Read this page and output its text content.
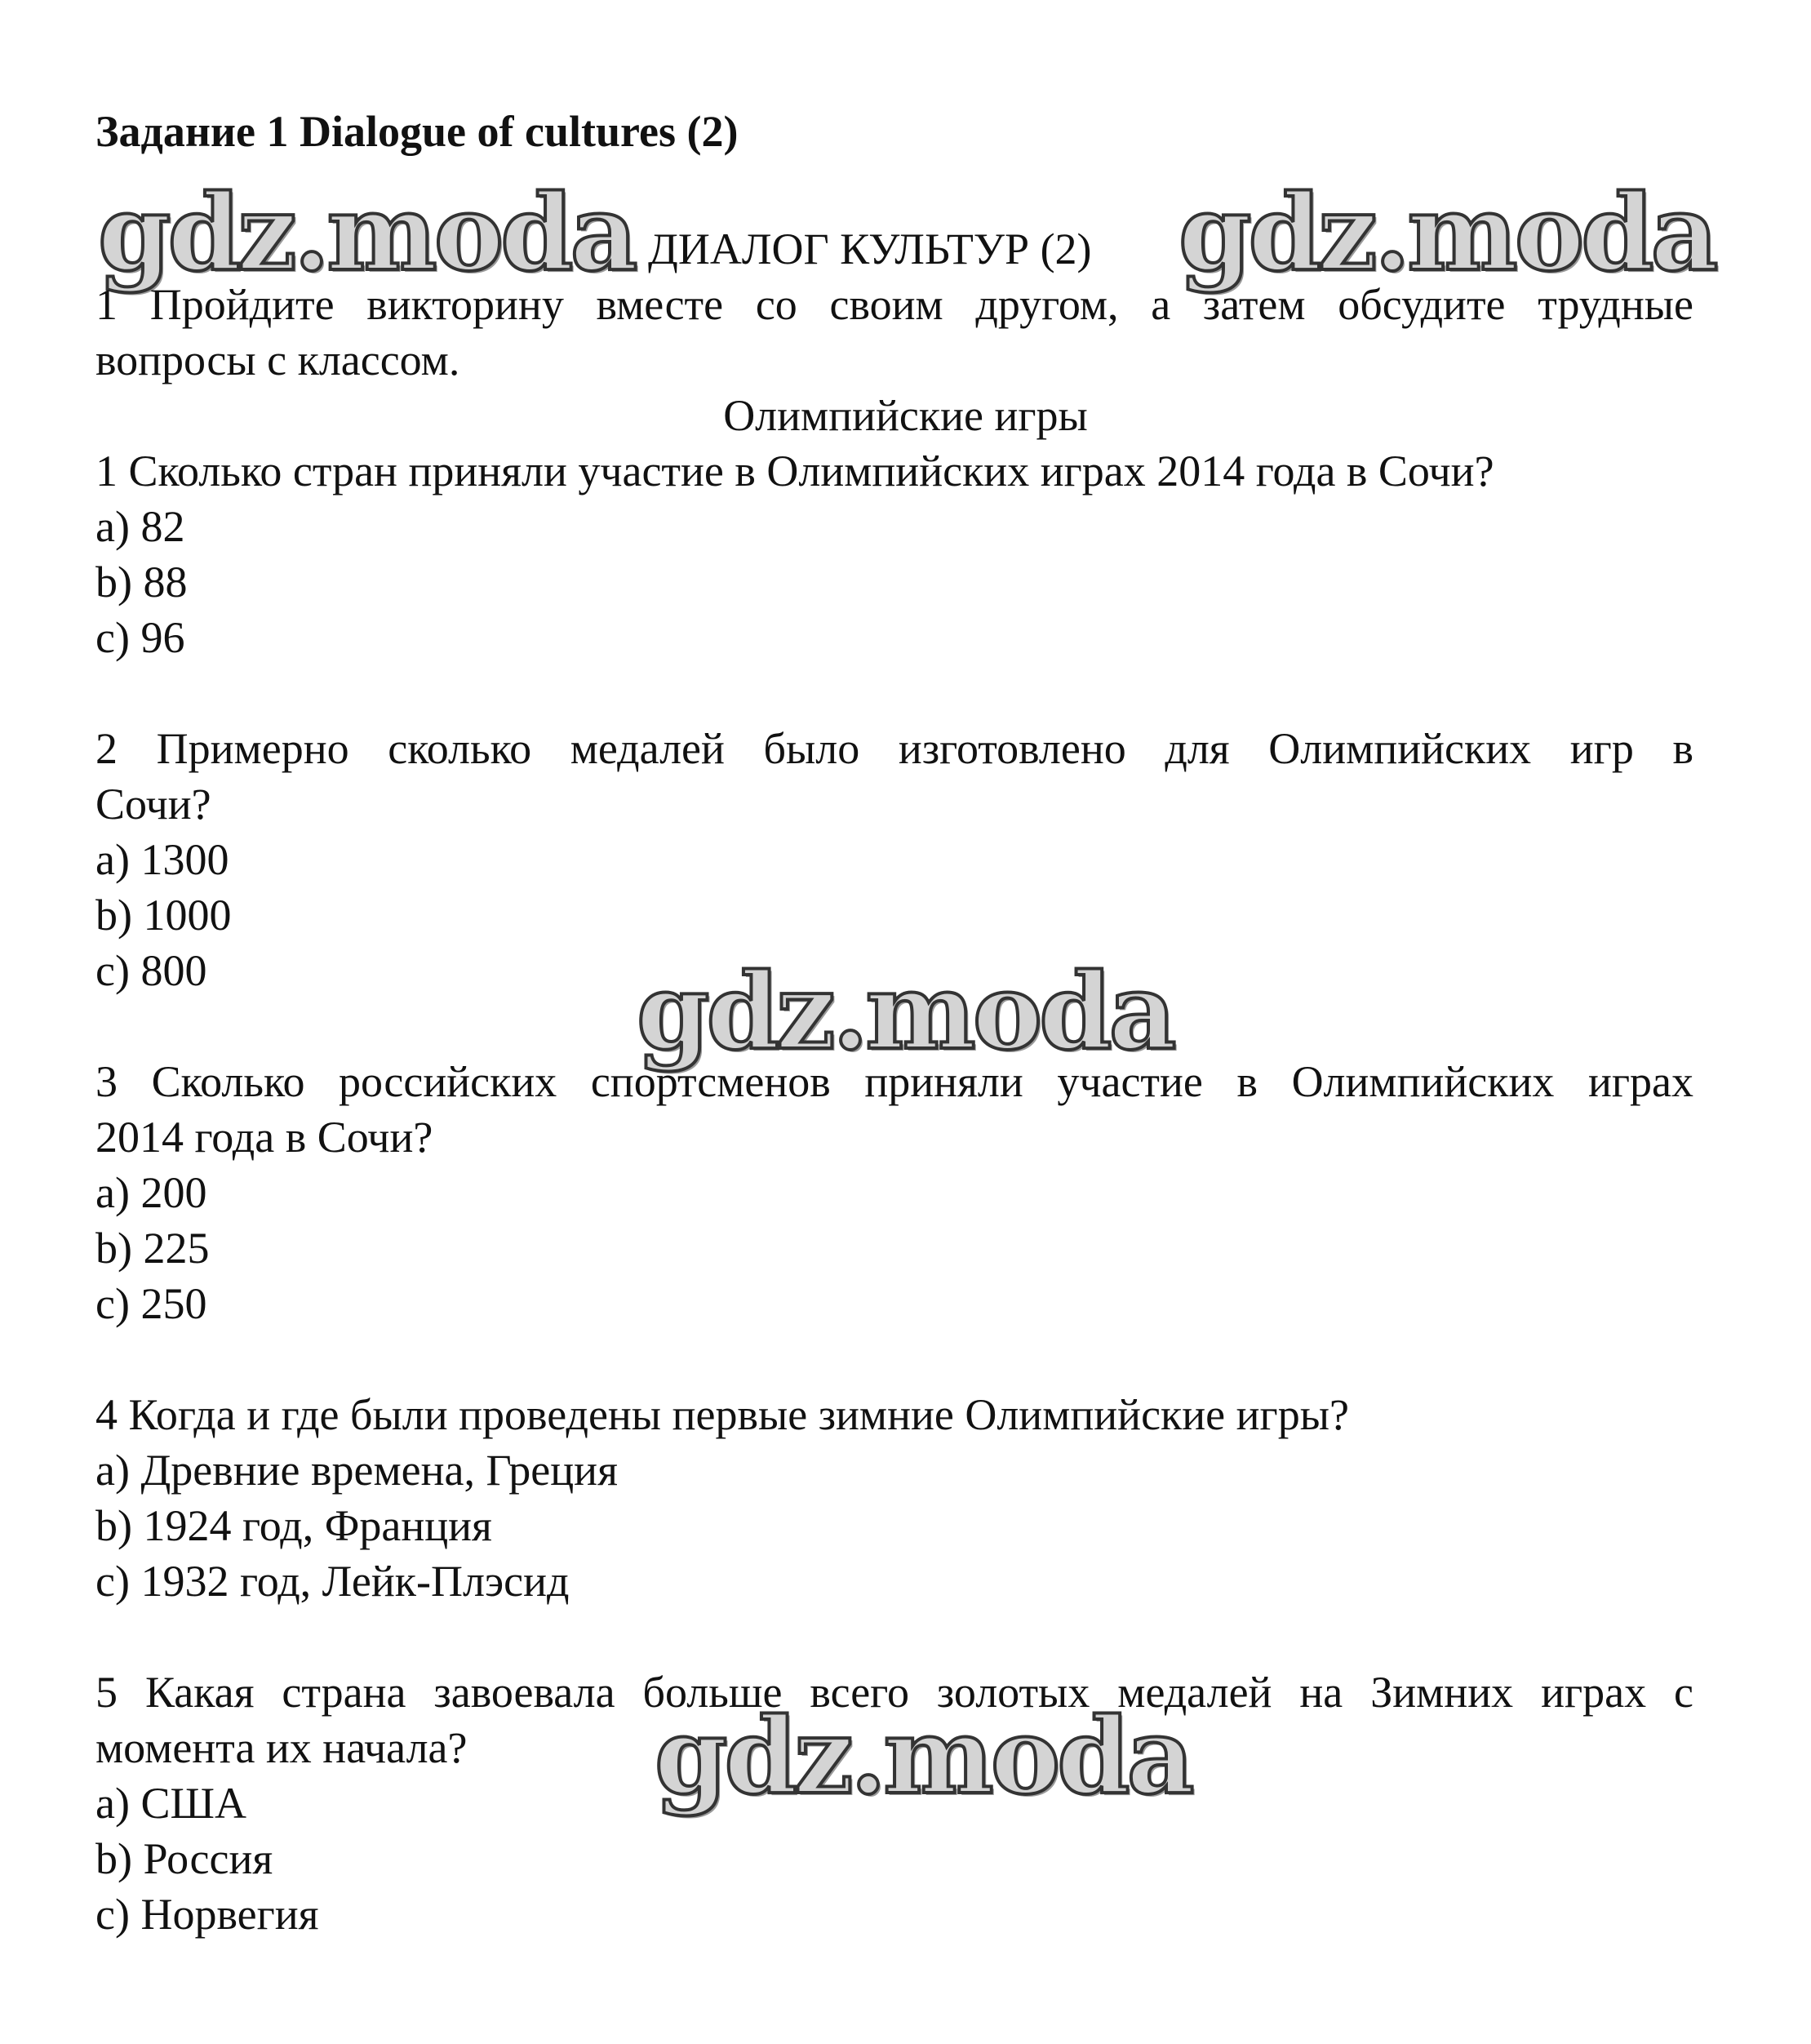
Задание 1 Dialogue of cultures (2)
gdz.moda	gdz.moda
gdz.moda
gdz.moda
ДИАЛОГ КУЛЬТУР (2)
1 Пройдите викторину вместе со своим другом, а затем обсудите трудные
вопросы с классом.
Олимпийские игры
1 Сколько стран приняли участие в Олимпийских играх 2014 года в Сочи?
a) 82
b) 88
c) 96
2 Примерно сколько медалей было изготовлено для Олимпийских игр в
Сочи?
a) 1300
b) 1000
c) 800
3 Сколько российских спортсменов приняли участие в Олимпийских играх
2014 года в Сочи?
a) 200
b) 225
c) 250
4 Когда и где были проведены первые зимние Олимпийские игры?
a) Древние времена, Греция
b) 1924 год, Франция
c) 1932 год, Лейк-Плэсид
5 Какая страна завоевала больше всего золотых медалей на Зимних играх с
момента их начала?
a) США
b) Россия
c) Норвегия
